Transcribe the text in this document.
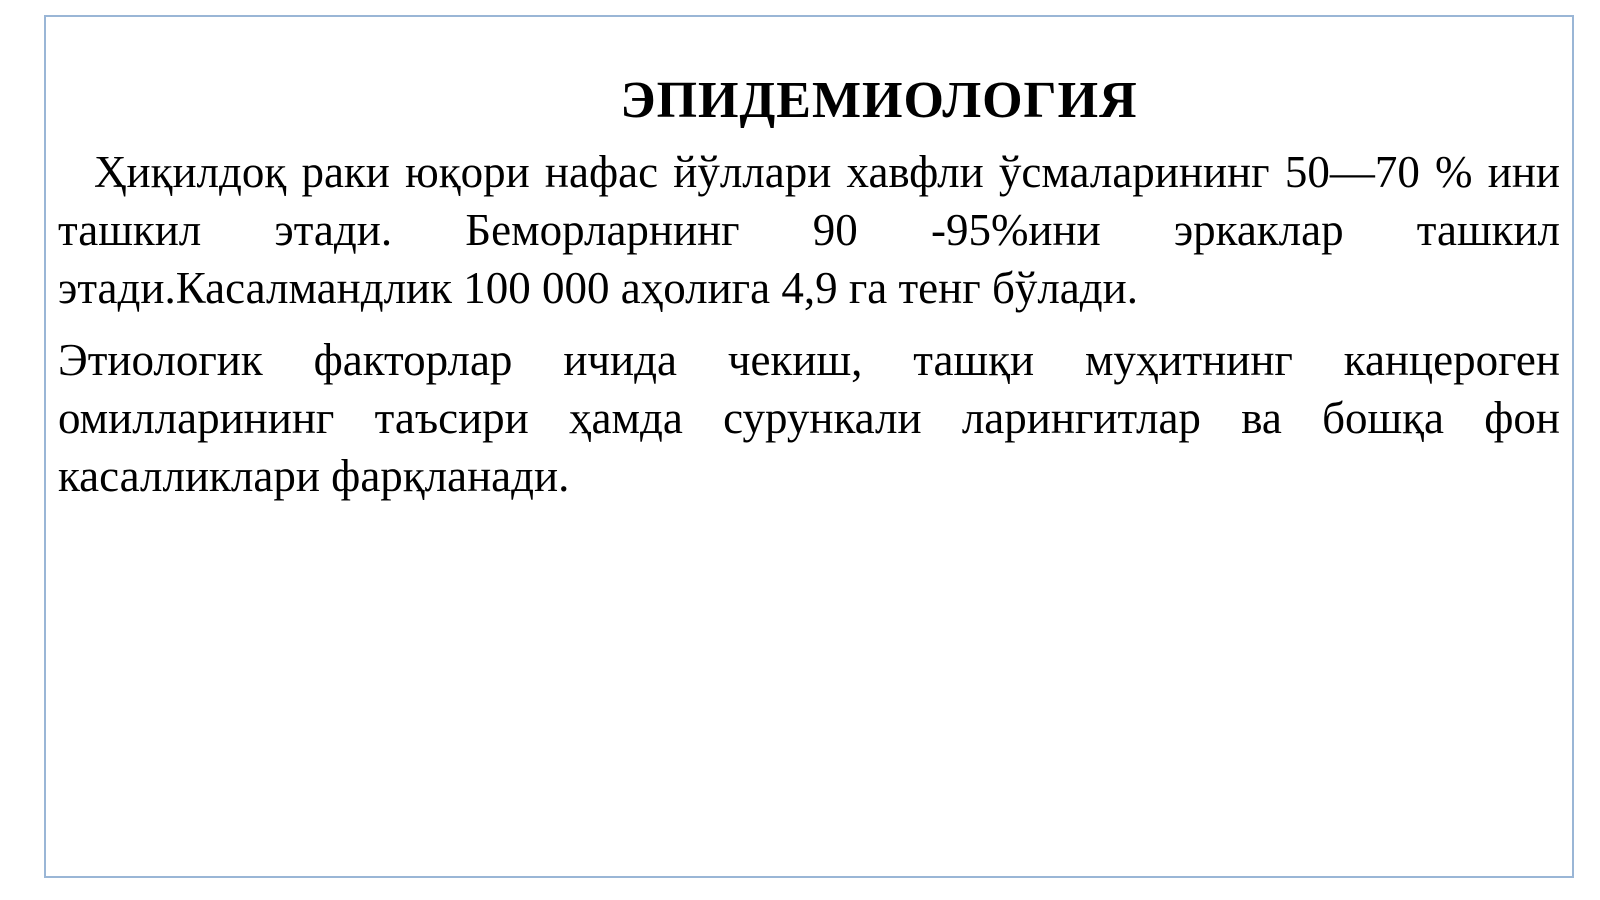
ЭПИДЕМИОЛОГИЯ

Ҳиқилдоқ раки юқори нафас йўллари хавфли ўсмаларининг 50—70 % ини ташкил этади. Беморларнинг 90 -95%ини эркаклар ташкил этади.Касалмандлик 100 000 аҳолига 4,9 га тенг бўлади.

Этиологик факторлар ичида чекиш, ташқи муҳитнинг канцероген омилларининг таъсири ҳамда сурункали ларингитлар ва бошқа фон касалликлари фарқланади.
